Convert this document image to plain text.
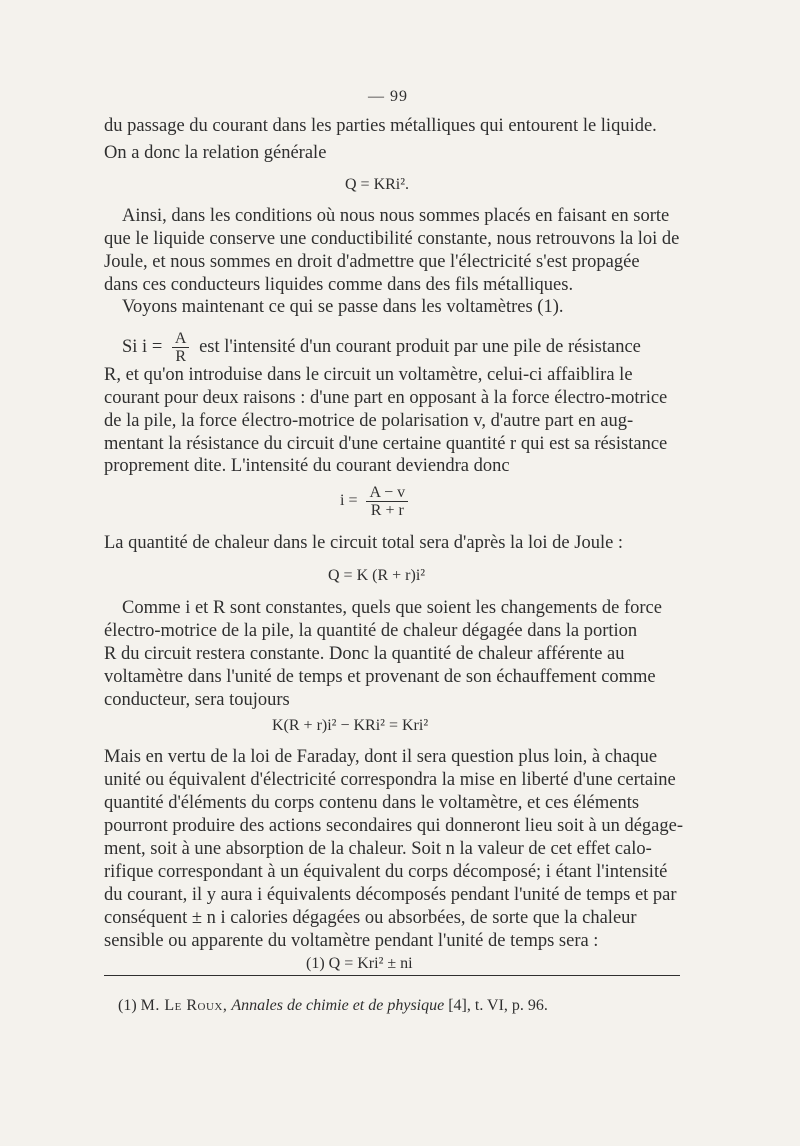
— 99
du passage du courant dans les parties métalliques qui entourent le liquide.
On a donc la relation générale
Q = KRi².
Ainsi, dans les conditions où nous nous sommes placés en faisant en sorte
que le liquide conserve une conductibilité constante, nous retrouvons la loi de
Joule, et nous sommes en droit d'admettre que l'électricité s'est propagée
dans ces conducteurs liquides comme dans des fils métalliques.
Voyons maintenant ce qui se passe dans les voltamètres (1).
Si $i = \frac{A}{R}$ est l'intensité d'un courant produit par une pile de résistance
R, et qu'on introduise dans le circuit un voltamètre, celui-ci affaiblira le
courant pour deux raisons : d'une part en opposant à la force électro-motrice
de la pile, la force électro-motrice de polarisation v, d'autre part en aug-
mentant la résistance du circuit d'une certaine quantité r qui est sa résistance
proprement dite. L'intensité du courant deviendra donc
$i = \frac{A - v}{R + r}$
La quantité de chaleur dans le circuit total sera d'après la loi de Joule :
Q = K (R + r)i²
Comme i et R sont constantes, quels que soient les changements de force
électro-motrice de la pile, la quantité de chaleur dégagée dans la portion
R du circuit restera constante. Donc la quantité de chaleur afférente au
voltamètre dans l'unité de temps et provenant de son échauffement comme
conducteur, sera toujours
K(R + r)i² − KRi² = Kri²
Mais en vertu de la loi de Faraday, dont il sera question plus loin, à chaque
unité ou équivalent d'électricité correspondra la mise en liberté d'une certaine
quantité d'éléments du corps contenu dans le voltamètre, et ces éléments
pourront produire des actions secondaires qui donneront lieu soit à un dégage-
ment, soit à une absorption de la chaleur. Soit n la valeur de cet effet calo-
rifique correspondant à un équivalent du corps décomposé; i étant l'intensité
du courant, il y aura i équivalents décomposés pendant l'unité de temps et par
conséquent ± n i calories dégagées ou absorbées, de sorte que la chaleur
sensible ou apparente du voltamètre pendant l'unité de temps sera :
(1) Q = Kri² ± ni
(1) M. Le Roux, Annales de chimie et de physique [4], t. VI, p. 96.
